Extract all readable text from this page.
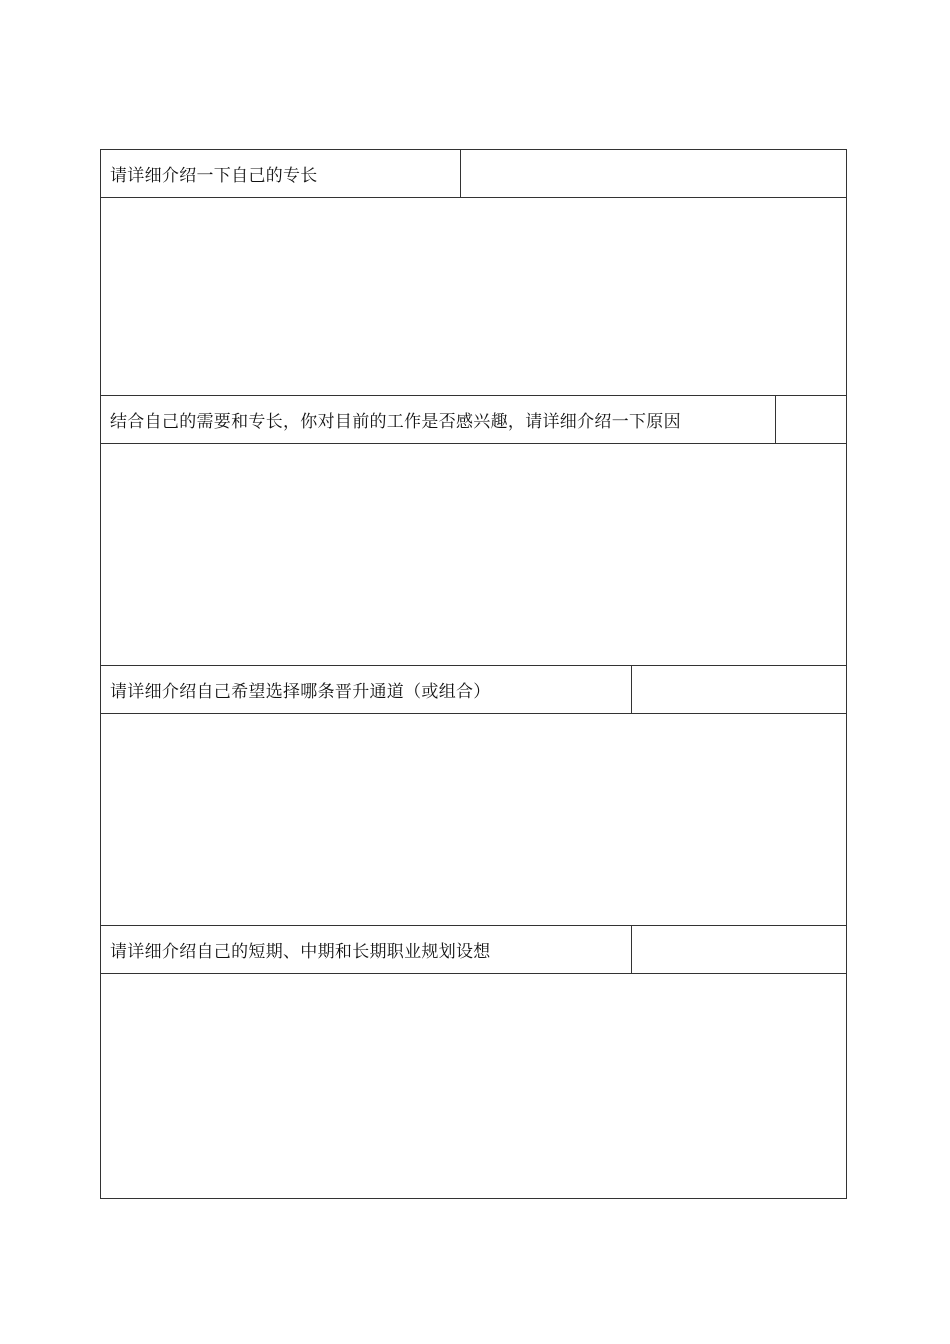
请详细介绍一下自己的专长
结合自己的需要和专长，你对目前的工作是否感兴趣，请详细介绍一下原因
请详细介绍自己希望选择哪条晋升通道（或组合）
请详细介绍自己的短期、中期和长期职业规划设想
